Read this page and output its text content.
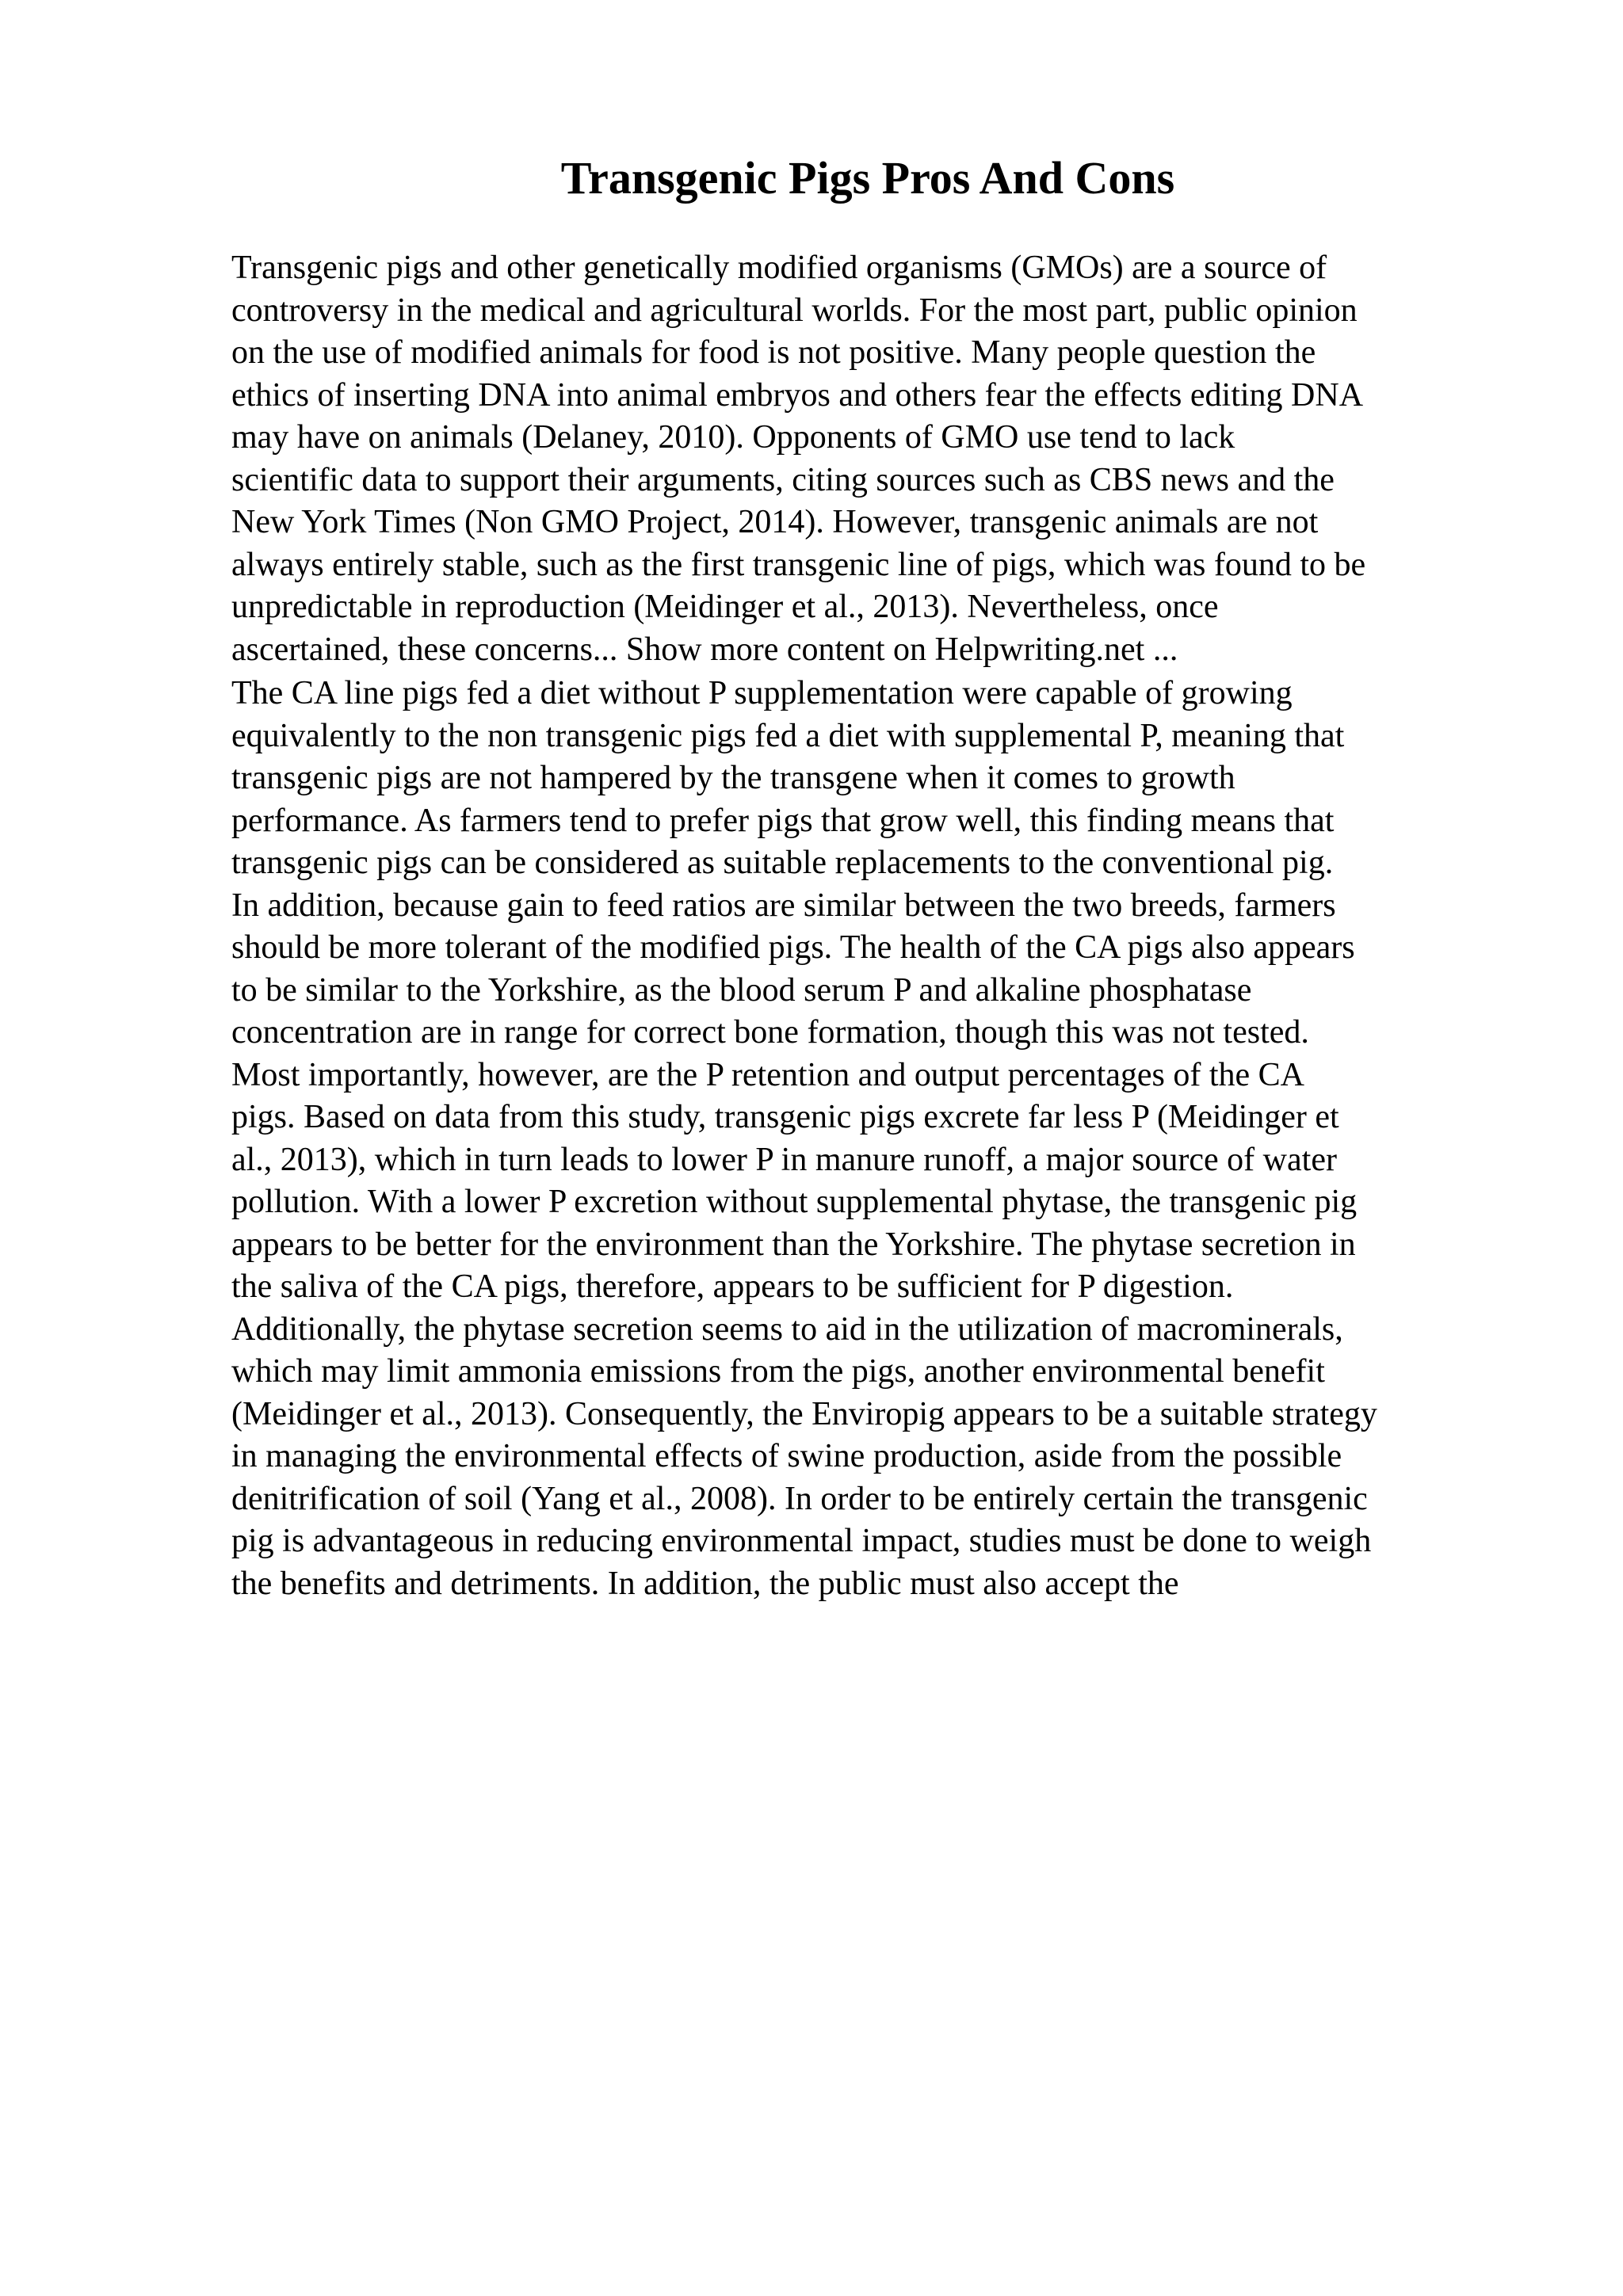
Transgenic Pigs Pros And Cons
Transgenic pigs and other genetically modified organisms (GMOs) are a source of
controversy in the medical and agricultural worlds. For the most part, public opinion
on the use of modified animals for food is not positive. Many people question the
ethics of inserting DNA into animal embryos and others fear the effects editing DNA
may have on animals (Delaney, 2010). Opponents of GMO use tend to lack
scientific data to support their arguments, citing sources such as CBS news and the
New York Times (Non GMO Project, 2014). However, transgenic animals are not
always entirely stable, such as the first transgenic line of pigs, which was found to be
unpredictable in reproduction (Meidinger et al., 2013). Nevertheless, once
ascertained, these concerns... Show more content on Helpwriting.net ...
The CA line pigs fed a diet without P supplementation were capable of growing
equivalently to the non transgenic pigs fed a diet with supplemental P, meaning that
transgenic pigs are not hampered by the transgene when it comes to growth
performance. As farmers tend to prefer pigs that grow well, this finding means that
transgenic pigs can be considered as suitable replacements to the conventional pig.
In addition, because gain to feed ratios are similar between the two breeds, farmers
should be more tolerant of the modified pigs. The health of the CA pigs also appears
to be similar to the Yorkshire, as the blood serum P and alkaline phosphatase
concentration are in range for correct bone formation, though this was not tested.
Most importantly, however, are the P retention and output percentages of the CA
pigs. Based on data from this study, transgenic pigs excrete far less P (Meidinger et
al., 2013), which in turn leads to lower P in manure runoff, a major source of water
pollution. With a lower P excretion without supplemental phytase, the transgenic pig
appears to be better for the environment than the Yorkshire. The phytase secretion in
the saliva of the CA pigs, therefore, appears to be sufficient for P digestion.
Additionally, the phytase secretion seems to aid in the utilization of macrominerals,
which may limit ammonia emissions from the pigs, another environmental benefit
(Meidinger et al., 2013). Consequently, the Enviropig appears to be a suitable strategy
in managing the environmental effects of swine production, aside from the possible
denitrification of soil (Yang et al., 2008). In order to be entirely certain the transgenic
pig is advantageous in reducing environmental impact, studies must be done to weigh
the benefits and detriments. In addition, the public must also accept the
